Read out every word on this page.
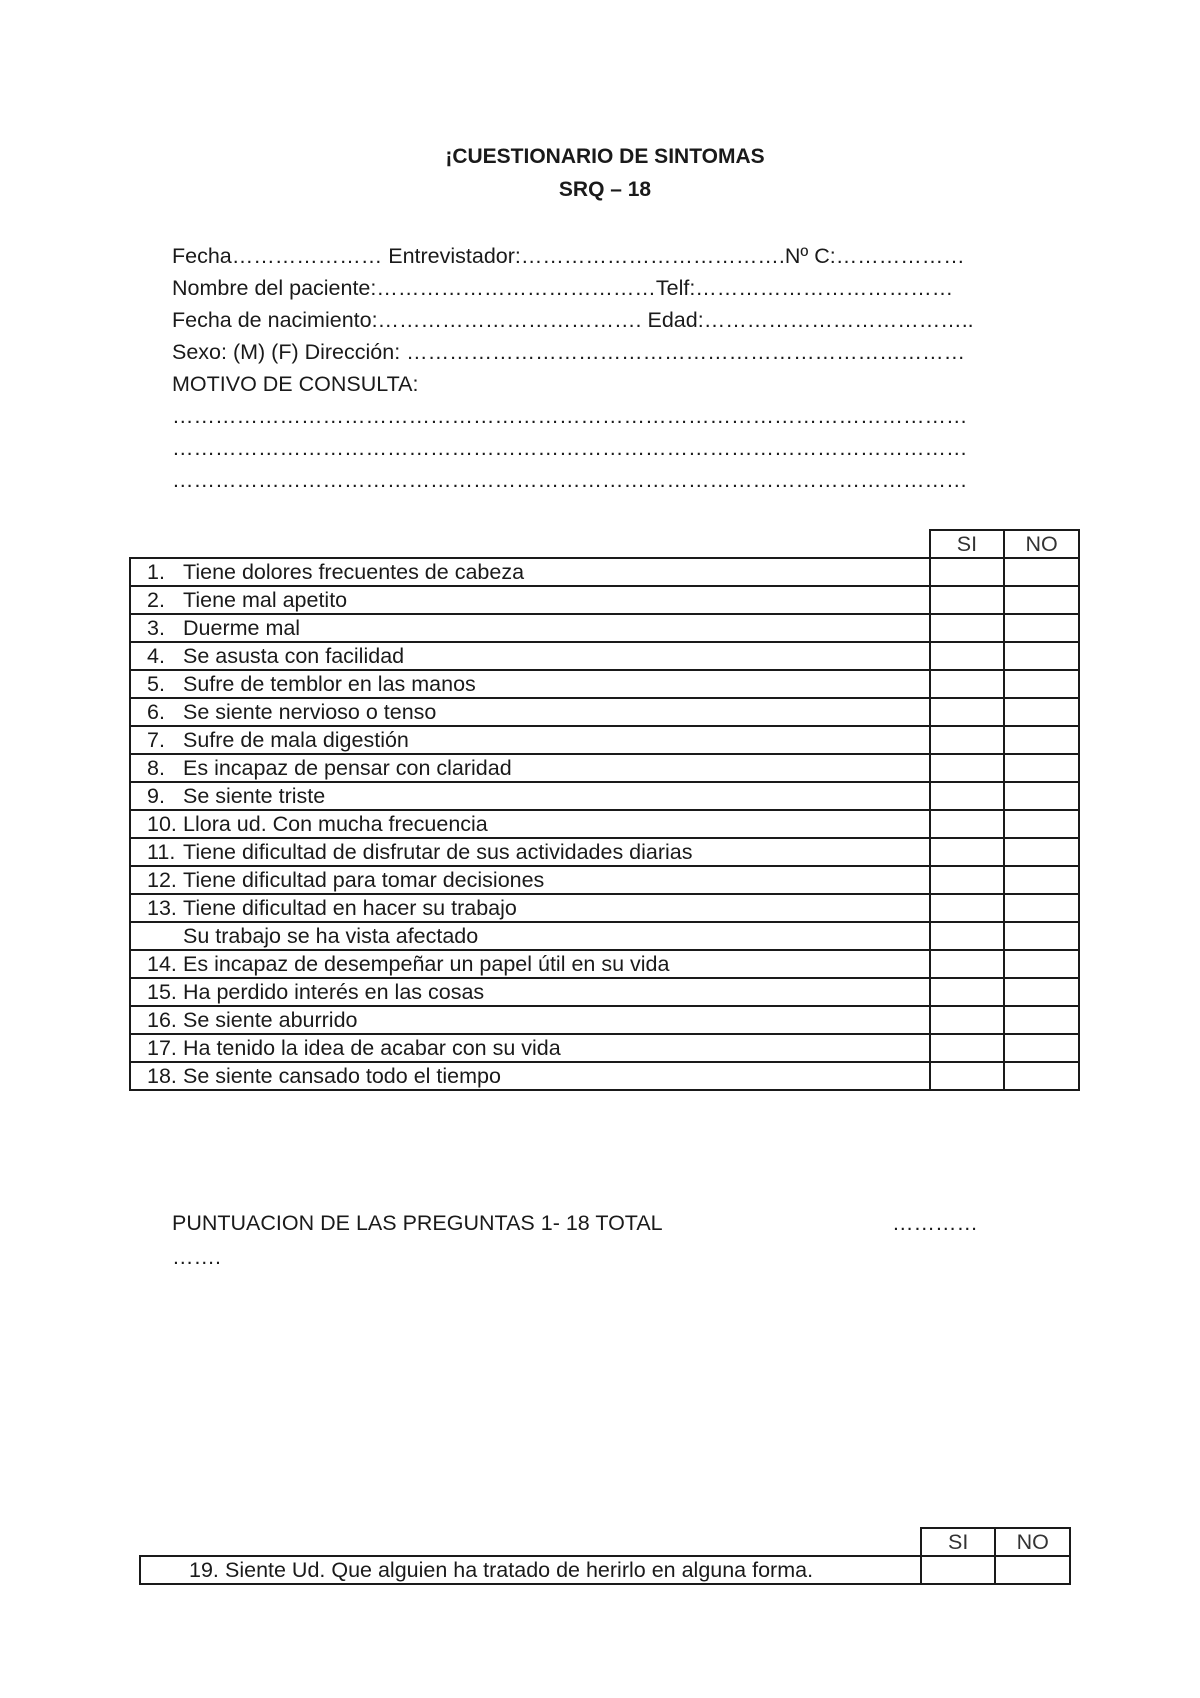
¡CUESTIONARIO DE SINTOMAS
SRQ – 18
Fecha………………… Entrevistador:……………………………….Nº C:………………
Nombre del paciente:…………………………………Telf:………………………………
Fecha de nacimiento:………………………………. Edad:………………………………..
Sexo: (M) (F) Dirección: ……………………………………………………………………
MOTIVO DE CONSULTA:
…………………………………………………………………………………………………
…………………………………………………………………………………………………
…………………………………………………………………………………………………
	SI	NO
1. Tiene dolores frecuentes de cabeza		
2. Tiene mal apetito		
3. Duerme mal		
4. Se asusta con facilidad		
5. Sufre de temblor en las manos		
6. Se siente nervioso o tenso		
7. Sufre de mala digestión		
8. Es incapaz de pensar con claridad		
9. Se siente triste		
10. Llora ud. Con mucha frecuencia		
11. Tiene dificultad de disfrutar de sus actividades diarias		
12. Tiene dificultad para tomar decisiones		
13. Tiene dificultad en hacer su trabajo		
Su trabajo se ha vista afectado		
14. Es incapaz de desempeñar un papel útil en su vida		
15. Ha perdido interés en las cosas		
16. Se siente aburrido		
17. Ha tenido la idea de acabar con su vida		
18. Se siente cansado todo el tiempo		
PUNTUACION DE LAS PREGUNTAS 1- 18 TOTAL
…….
…………
	SI	NO
19. Siente Ud. Que alguien ha tratado de herirlo en alguna forma.		
